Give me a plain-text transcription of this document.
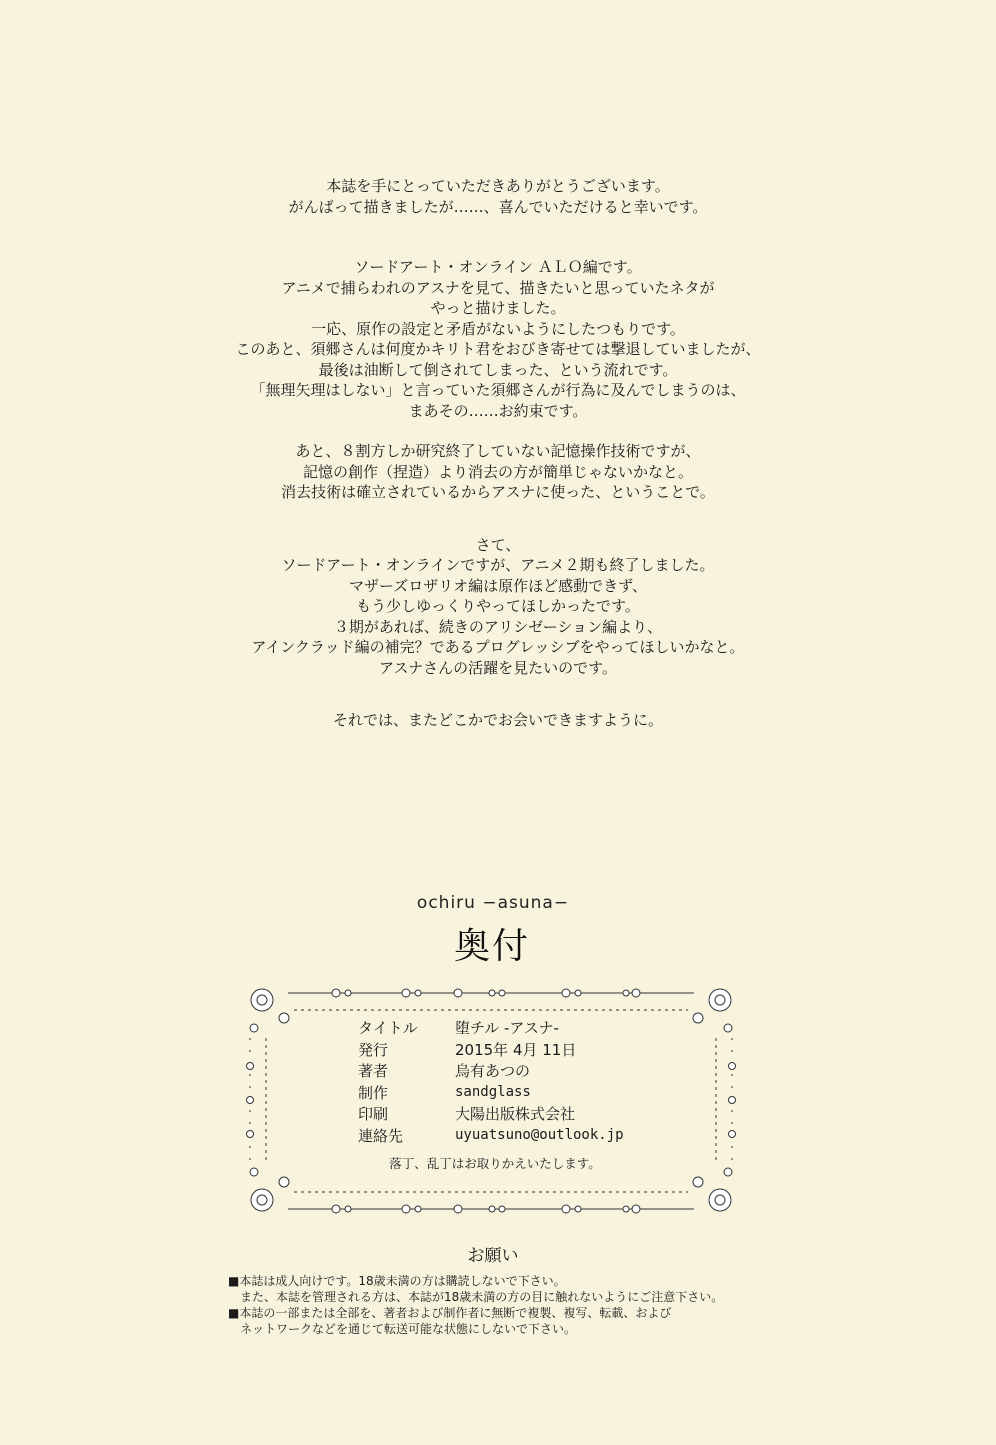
本誌を手にとっていただきありがとうございます。
がんばって描きましたが……、喜んでいただけると幸いです。

ソードアート・オンライン ＡＬＯ編です。
アニメで捕らわれのアスナを見て、描きたいと思っていたネタが
やっと描けました。
一応、原作の設定と矛盾がないようにしたつもりです。
このあと、須郷さんは何度かキリト君をおびき寄せては撃退していましたが、
最後は油断して倒されてしまった、という流れです。
「無理矢理はしない」と言っていた須郷さんが行為に及んでしまうのは、
まあその……お約束です。

あと、８割方しか研究終了していない記憶操作技術ですが、
記憶の創作（捏造）より消去の方が簡単じゃないかなと。
消去技術は確立されているからアスナに使った、ということで。

さて、
ソードアート・オンラインですが、アニメ２期も終了しました。
マザーズロザリオ編は原作ほど感動できず、
もう少しゆっくりやってほしかったです。
３期があれば、続きのアリシゼーション編より、
アインクラッド編の補完？であるプログレッシブをやってほしいかなと。
アスナさんの活躍を見たいのです。

それでは、またどこかでお会いできますように。

ochiru −asuna−
奥付
タイトル	堕チル -アスナ-
発行	2015年 4月 11日
著者	烏有あつの
制作	sandglass
印刷	大陽出版株式会社
連絡先	uyuatsuno@outlook.jp
落丁、乱丁はお取りかえいたします。
お願い
■本誌は成人向けです。18歳未満の方は購読しないで下さい。
　また、本誌を管理される方は、本誌が18歳未満の方の目に触れないようにご注意下さい。
■本誌の一部または全部を、著者および制作者に無断で複製、複写、転載、および
　ネットワークなどを通じて転送可能な状態にしないで下さい。
